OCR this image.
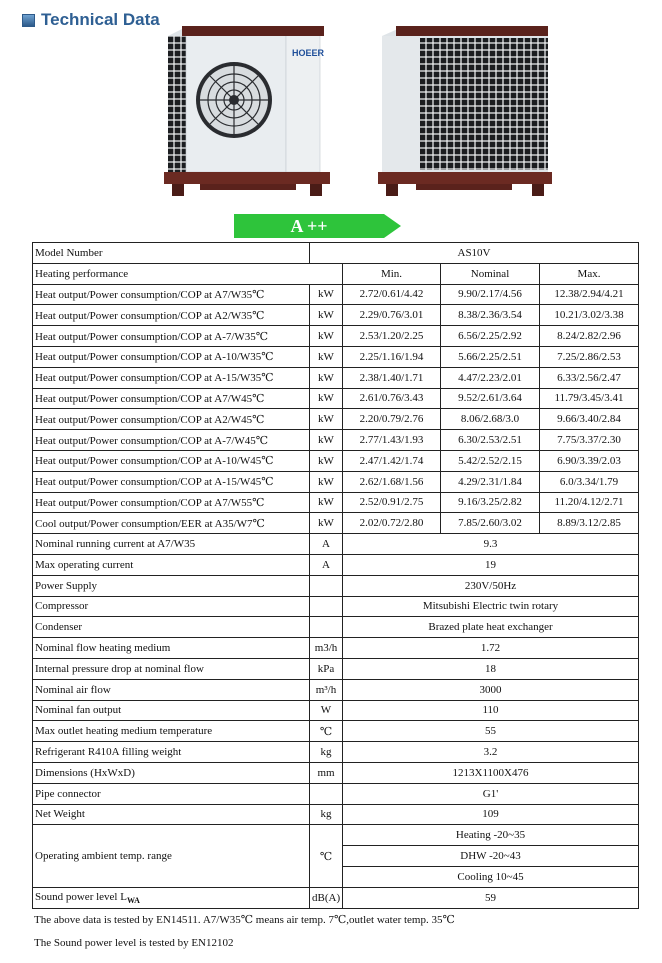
Technical Data
HOEER
A ++
Model Number	AS10V			
Heating performance		Min.	Nominal	Max.
Heat output/Power consumption/COP at A7/W35℃	kW	2.72/0.61/4.42	9.90/2.17/4.56	12.38/2.94/4.21
Heat output/Power consumption/COP at A2/W35℃	kW	2.29/0.76/3.01	8.38/2.36/3.54	10.21/3.02/3.38
Heat output/Power consumption/COP at A-7/W35℃	kW	2.53/1.20/2.25	6.56/2.25/2.92	8.24/2.82/2.96
Heat output/Power consumption/COP at A-10/W35℃	kW	2.25/1.16/1.94	5.66/2.25/2.51	7.25/2.86/2.53
Heat output/Power consumption/COP at A-15/W35℃	kW	2.38/1.40/1.71	4.47/2.23/2.01	6.33/2.56/2.47
Heat output/Power consumption/COP at A7/W45℃	kW	2.61/0.76/3.43	9.52/2.61/3.64	11.79/3.45/3.41
Heat output/Power consumption/COP at A2/W45℃	kW	2.20/0.79/2.76	8.06/2.68/3.0	9.66/3.40/2.84
Heat output/Power consumption/COP at A-7/W45℃	kW	2.77/1.43/1.93	6.30/2.53/2.51	7.75/3.37/2.30
Heat output/Power consumption/COP at A-10/W45℃	kW	2.47/1.42/1.74	5.42/2.52/2.15	6.90/3.39/2.03
Heat output/Power consumption/COP at A-15/W45℃	kW	2.62/1.68/1.56	4.29/2.31/1.84	6.0/3.34/1.79
Heat output/Power consumption/COP at A7/W55℃	kW	2.52/0.91/2.75	9.16/3.25/2.82	11.20/4.12/2.71
Cool output/Power consumption/EER at A35/W7℃	kW	2.02/0.72/2.80	7.85/2.60/3.02	8.89/3.12/2.85
Nominal running current at A7/W35	A	9.3		
Max operating current	A	19		
Power Supply		230V/50Hz		
Compressor		Mitsubishi Electric twin rotary		
Condenser		Brazed plate heat exchanger		
Nominal flow heating medium	m3/h	1.72		
Internal pressure drop at nominal flow	kPa	18		
Nominal air flow	m³/h	3000		
Nominal fan output	W	110		
Max outlet heating medium temperature	℃	55		
Refrigerant R410A filling weight	kg	3.2		
Dimensions (HxWxD)	mm	1213X1100X476		
Pipe connector		G1'		
Net Weight	kg	109		
Operating ambient temp. range	℃	Heating -20~35		
		DHW -20~43		
		Cooling 10~45		
Sound power level $L_{WA}$	dB(A)	59		
The above data is tested by EN14511. A7/W35℃ means air temp. 7℃,outlet water temp. 35℃
The Sound power level is tested by EN12102
